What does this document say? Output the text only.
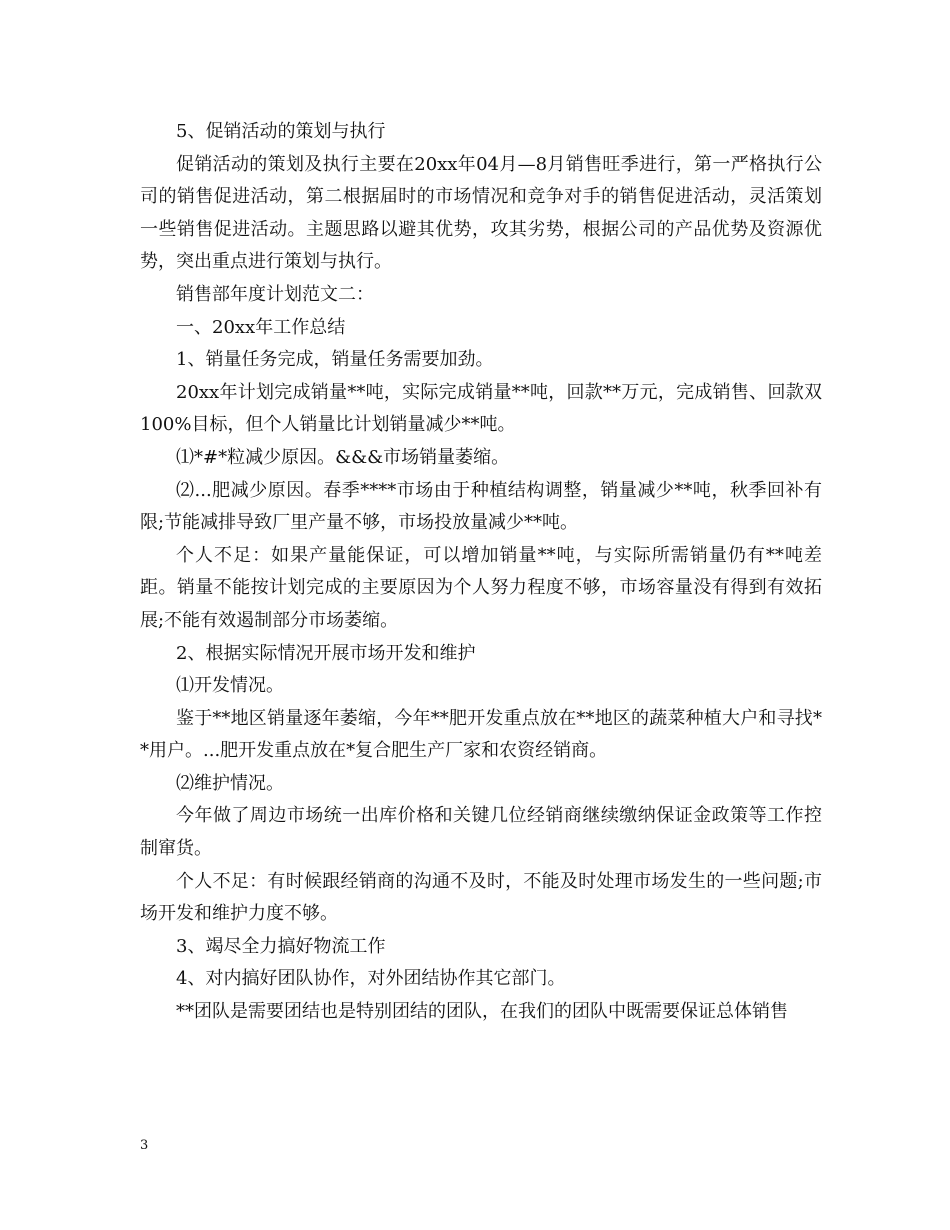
5、促销活动的策划与执行

促销活动的策划及执行主要在20xx年04月—8月销售旺季进行，第一严格执行公司的销售促进活动，第二根据届时的市场情况和竞争对手的销售促进活动，灵活策划一些销售促进活动。主题思路以避其优势，攻其劣势，根据公司的产品优势及资源优势，突出重点进行策划与执行。

销售部年度计划范文二：

一、20xx年工作总结

1、销量任务完成，销量任务需要加劲。

20xx年计划完成销量**吨，实际完成销量**吨，回款**万元，完成销售、回款双100%目标，但个人销量比计划销量减少**吨。

⑴*#*粒减少原因。&&&市场销量萎缩。

⑵...肥减少原因。春季****市场由于种植结构调整，销量减少**吨，秋季回补有限;节能减排导致厂里产量不够，市场投放量减少**吨。

个人不足：如果产量能保证，可以增加销量**吨，与实际所需销量仍有**吨差距。销量不能按计划完成的主要原因为个人努力程度不够，市场容量没有得到有效拓展;不能有效遏制部分市场萎缩。

2、根据实际情况开展市场开发和维护

⑴开发情况。

鉴于**地区销量逐年萎缩，今年**肥开发重点放在**地区的蔬菜种植大户和寻找**用户。...肥开发重点放在*复合肥生产厂家和农资经销商。

⑵维护情况。

今年做了周边市场统一出库价格和关键几位经销商继续缴纳保证金政策等工作控制窜货。

个人不足：有时候跟经销商的沟通不及时，不能及时处理市场发生的一些问题;市场开发和维护力度不够。

3、竭尽全力搞好物流工作

4、对内搞好团队协作，对外团结协作其它部门。

**团队是需要团结也是特别团结的团队，在我们的团队中既需要保证总体销售

3
